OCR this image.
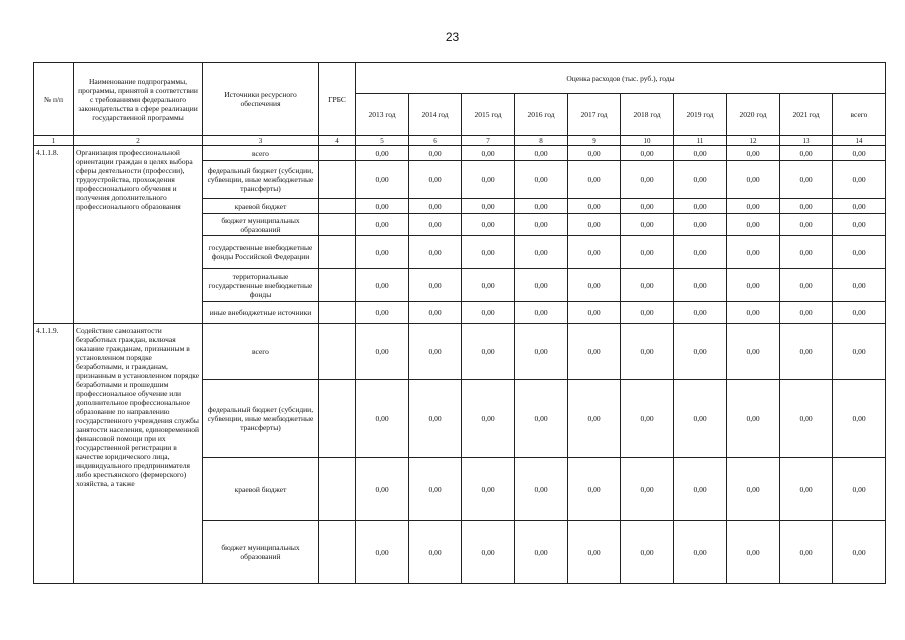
23
№ п/п	Наименование подпрограммы, программы, принятой в соответствии с требованиями федерального законодательства в сфере реализации государственной программы	Источники ресурсного обеспечения	ГРБС	Оценка расходов (тыс. руб.), годы									
				2013 год	2014 год	2015 год	2016 год	2017 год	2018 год	2019 год	2020 год	2021 год	всего
1	2	3	4	5	6	7	8	9	10	11	12	13	14
4.1.1.8.	Организация профессиональной ориентации граждан в целях выбора сферы деятельности (профессии), трудоустройства, прохождения профессионального обучения и получения дополнительного профессионального образования	всего		0,00	0,00	0,00	0,00	0,00	0,00	0,00	0,00	0,00	0,00
		федеральный бюджет (субсидии, субвенции, иные межбюджетные трансферты)		0,00	0,00	0,00	0,00	0,00	0,00	0,00	0,00	0,00	0,00
		краевой бюджет		0,00	0,00	0,00	0,00	0,00	0,00	0,00	0,00	0,00	0,00
		бюджет муниципальных образований		0,00	0,00	0,00	0,00	0,00	0,00	0,00	0,00	0,00	0,00
		государственные внебюджетные фонды Российской Федерации		0,00	0,00	0,00	0,00	0,00	0,00	0,00	0,00	0,00	0,00
		территориальные государственные внебюджетные фонды		0,00	0,00	0,00	0,00	0,00	0,00	0,00	0,00	0,00	0,00
		иные внебюджетные источники		0,00	0,00	0,00	0,00	0,00	0,00	0,00	0,00	0,00	0,00
4.1.1.9.	Содействие самозанятости безработных граждан, включая оказание гражданам, признанным в установленном порядке безработными, и гражданам, признанным в установленном порядке безработными и прошедшим профессиональное обучение или дополнительное профессиональное образование по направлению государственного учреждения службы занятости населения, единовременной финансовой помощи при их государственной регистрации в качестве юридического лица, индивидуального предпринимателя либо крестьянского (фермерского) хозяйства, а также	всего		0,00	0,00	0,00	0,00	0,00	0,00	0,00	0,00	0,00	0,00
		федеральный бюджет (субсидии, субвенции, иные межбюджетные трансферты)		0,00	0,00	0,00	0,00	0,00	0,00	0,00	0,00	0,00	0,00
		краевой бюджет		0,00	0,00	0,00	0,00	0,00	0,00	0,00	0,00	0,00	0,00
		бюджет муниципальных образований		0,00	0,00	0,00	0,00	0,00	0,00	0,00	0,00	0,00	0,00
